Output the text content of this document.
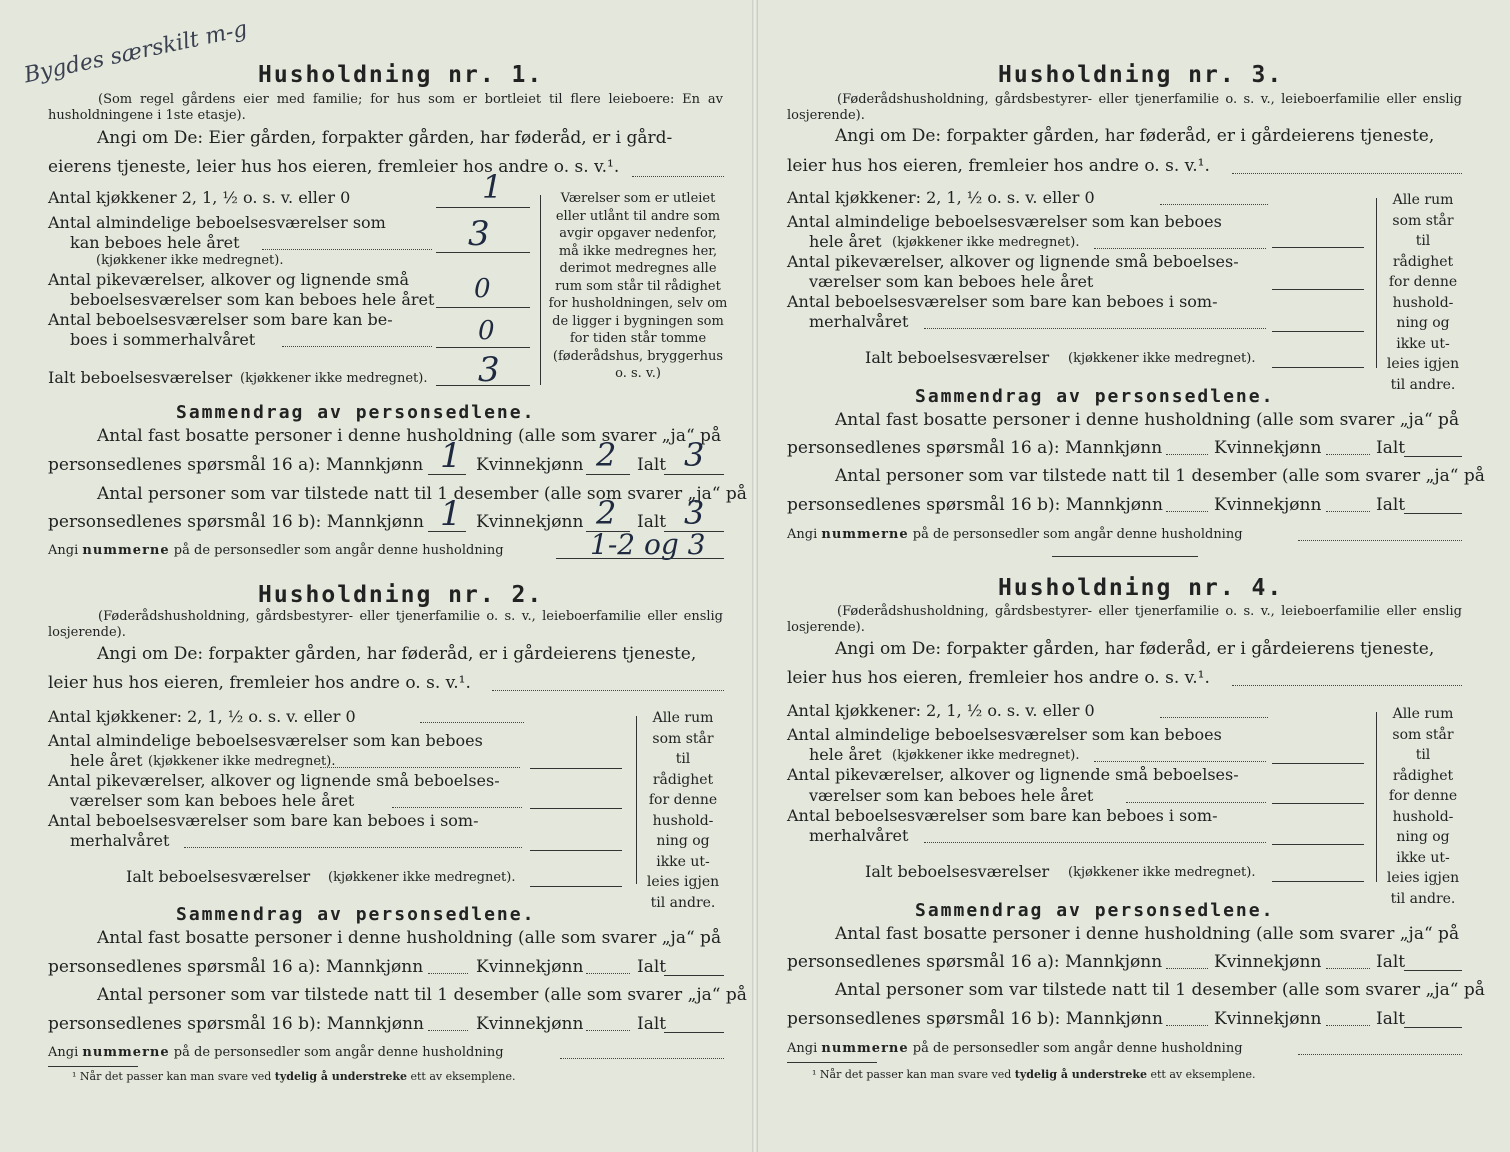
Bygdes særskilt m-g Husholdning nr. 1.
(Som regel gårdens eier med familie; for hus som er bortleiet til flere leieboere: En av husholdningene i 1ste etasje).
Angi om De: Eier gården, forpakter gården, har føderåd, er i gård-
eierens tjeneste, leier hus hos eieren, fremleier hos andre o. s. v.¹.
Antal kjøkkener 2, 1, ½ o. s. v. eller 0	1
Antal almindelige beboelsesværelser som
kan beboes hele året
(kjøkkener ikke medregnet).
3
Antal pikeværelser, alkover og lignende små
beboelsesværelser som kan beboes hele året 0
Antal beboelsesværelser som bare kan be-
boes i sommerhalvåret	0
Ialt beboelsesværelser (kjøkkener ikke medregnet). 3
Værelser som er utleiet eller utlånt til andre som avgir opgaver nedenfor, må ikke medregnes her, derimot medregnes alle rum som står til rådighet for husholdningen, selv om de ligger i bygningen som for tiden står tomme (føderådshus, bryggerhus o. s. v.)
Sammendrag av personsedlene.
Antal fast bosatte personer i denne husholdning (alle som svarer „ja“ på
personsedlenes spørsmål 16 a): Mannkjønn 1 Kvinnekjønn 2 Ialt 3
Antal personer som var tilstede natt til 1 desember (alle som svarer „ja“ på
personsedlenes spørsmål 16 b): Mannkjønn 1 Kvinnekjønn 2 Ialt 3
Angi nummerne på de personsedler som angår denne husholdning	1-2 og 3
Husholdning nr. 2.
(Føderådshusholdning, gårdsbestyrer- eller tjenerfamilie o. s. v., leieboerfamilie eller enslig losjerende).
Angi om De: forpakter gården, har føderåd, er i gårdeierens tjeneste,
leier hus hos eieren, fremleier hos andre o. s. v.¹.
Antal kjøkkener: 2, 1, ½ o. s. v. eller 0
Antal almindelige beboelsesværelser som kan beboes
hele året (kjøkkener ikke medregnet).
Antal pikeværelser, alkover og lignende små beboelses-
værelser som kan beboes hele året
Antal beboelsesværelser som bare kan beboes i som-
merhalvåret
Ialt beboelsesværelser (kjøkkener ikke medregnet).
Alle rum som står til rådighet for denne hushold-ning og ikke ut-leies igjen til andre.
Sammendrag av personsedlene.
Antal fast bosatte personer i denne husholdning (alle som svarer „ja“ på
personsedlenes spørsmål 16 a): Mannkjønn	Kvinnekjønn	Ialt
Antal personer som var tilstede natt til 1 desember (alle som svarer „ja“ på
personsedlenes spørsmål 16 b): Mannkjønn	Kvinnekjønn	Ialt
Angi nummerne på de personsedler som angår denne husholdning
¹ Når det passer kan man svare ved tydelig å understreke ett av eksemplene.
Husholdning nr. 3.
(Føderådshusholdning, gårdsbestyrer- eller tjenerfamilie o. s. v., leieboerfamilie eller enslig losjerende).
Angi om De: forpakter gården, har føderåd, er i gårdeierens tjeneste,
leier hus hos eieren, fremleier hos andre o. s. v.¹.
Antal kjøkkener: 2, 1, ½ o. s. v. eller 0
Antal almindelige beboelsesværelser som kan beboes
hele året (kjøkkener ikke medregnet).
Antal pikeværelser, alkover og lignende små beboelses-
værelser som kan beboes hele året
Antal beboelsesværelser som bare kan beboes i som-
merhalvåret
Ialt beboelsesværelser (kjøkkener ikke medregnet).
Alle rum som står til rådighet for denne hushold-ning og ikke ut-leies igjen til andre.
Sammendrag av personsedlene.
Antal fast bosatte personer i denne husholdning (alle som svarer „ja“ på
personsedlenes spørsmål 16 a): Mannkjønn	Kvinnekjønn	Ialt
Antal personer som var tilstede natt til 1 desember (alle som svarer „ja“ på
personsedlenes spørsmål 16 b): Mannkjønn	Kvinnekjønn	Ialt
Angi nummerne på de personsedler som angår denne husholdning
Husholdning nr. 4.
(Føderådshusholdning, gårdsbestyrer- eller tjenerfamilie o. s. v., leieboerfamilie eller enslig losjerende).
Angi om De: forpakter gården, har føderåd, er i gårdeierens tjeneste,
leier hus hos eieren, fremleier hos andre o. s. v.¹.
Antal kjøkkener: 2, 1, ½ o. s. v. eller 0
Antal almindelige beboelsesværelser som kan beboes
hele året (kjøkkener ikke medregnet).
Antal pikeværelser, alkover og lignende små beboelses-
værelser som kan beboes hele året
Antal beboelsesværelser som bare kan beboes i som-
merhalvåret
Ialt beboelsesværelser (kjøkkener ikke medregnet).
Alle rum som står til rådighet for denne hushold-ning og ikke ut-leies igjen til andre.
Sammendrag av personsedlene.
Antal fast bosatte personer i denne husholdning (alle som svarer „ja“ på
personsedlenes spørsmål 16 a): Mannkjønn	Kvinnekjønn	Ialt
Antal personer som var tilstede natt til 1 desember (alle som svarer „ja“ på
personsedlenes spørsmål 16 b): Mannkjønn	Kvinnekjønn	Ialt
Angi nummerne på de personsedler som angår denne husholdning
¹ Når det passer kan man svare ved tydelig å understreke ett av eksemplene.
